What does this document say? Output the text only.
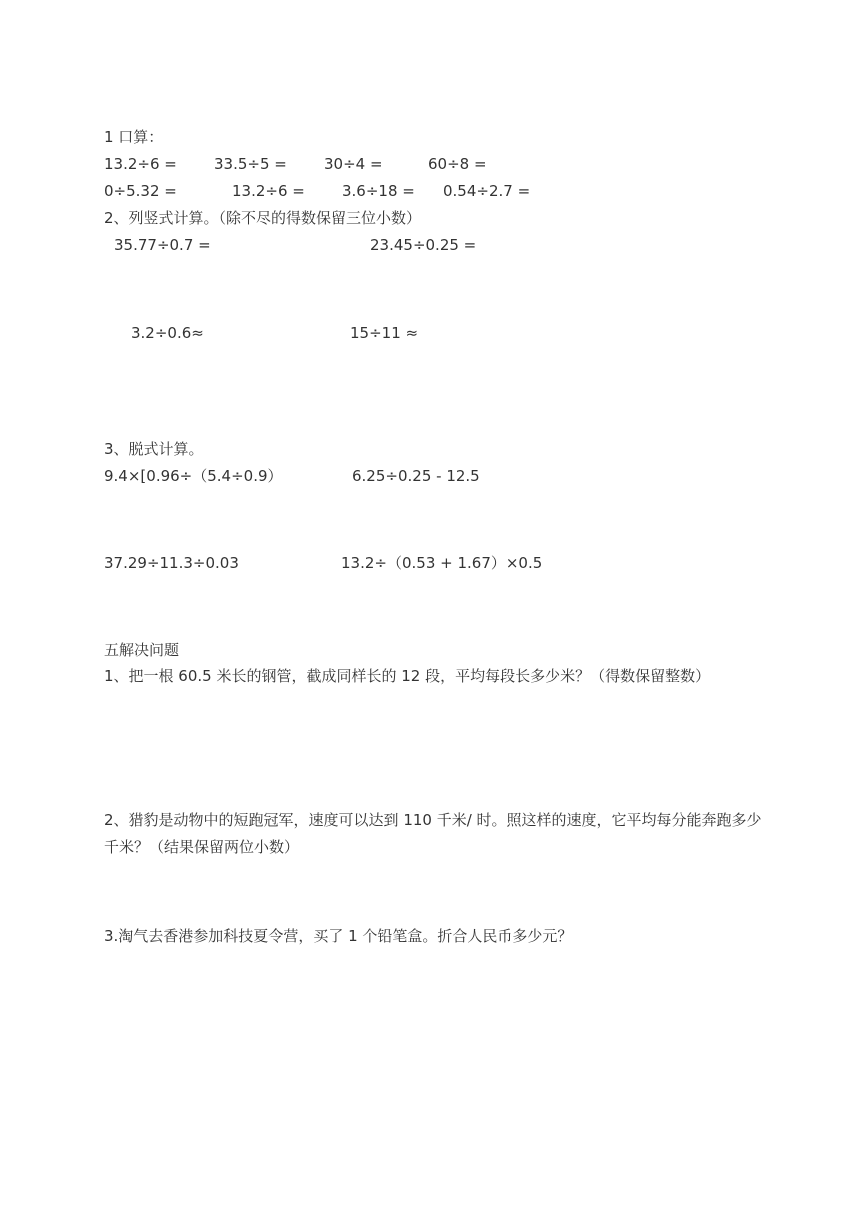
1 口算：
13.2÷6 = 33.5÷5 = 30÷4 =	60÷8 =
0÷5.32 =	13.2÷6 = 3.6÷18 = 0.54÷2.7 =
2、列竖式计算。（除不尽的得数保留三位小数）
35.77÷0.7 =	23.45÷0.25 =
3.2÷0.6≈	15÷11 ≈
3、脱式计算。
9.4×[0.96÷（5.4÷0.9）	6.25÷0.25 - 12.5
37.29÷11.3÷0.03	13.2÷（0.53 + 1.67）×0.5
五解决问题
1、把一根 60.5 米长的钢管，截成同样长的 12 段，平均每段长多少米？（得数保留整数）
2、猎豹是动物中的短跑冠军，速度可以达到 110 千米/ 时。照这样的速度，它平均每分能奔跑多少千米？（结果保留两位小数）
3.淘气去香港参加科技夏令营，买了 1 个铅笔盒。折合人民币多少元？
